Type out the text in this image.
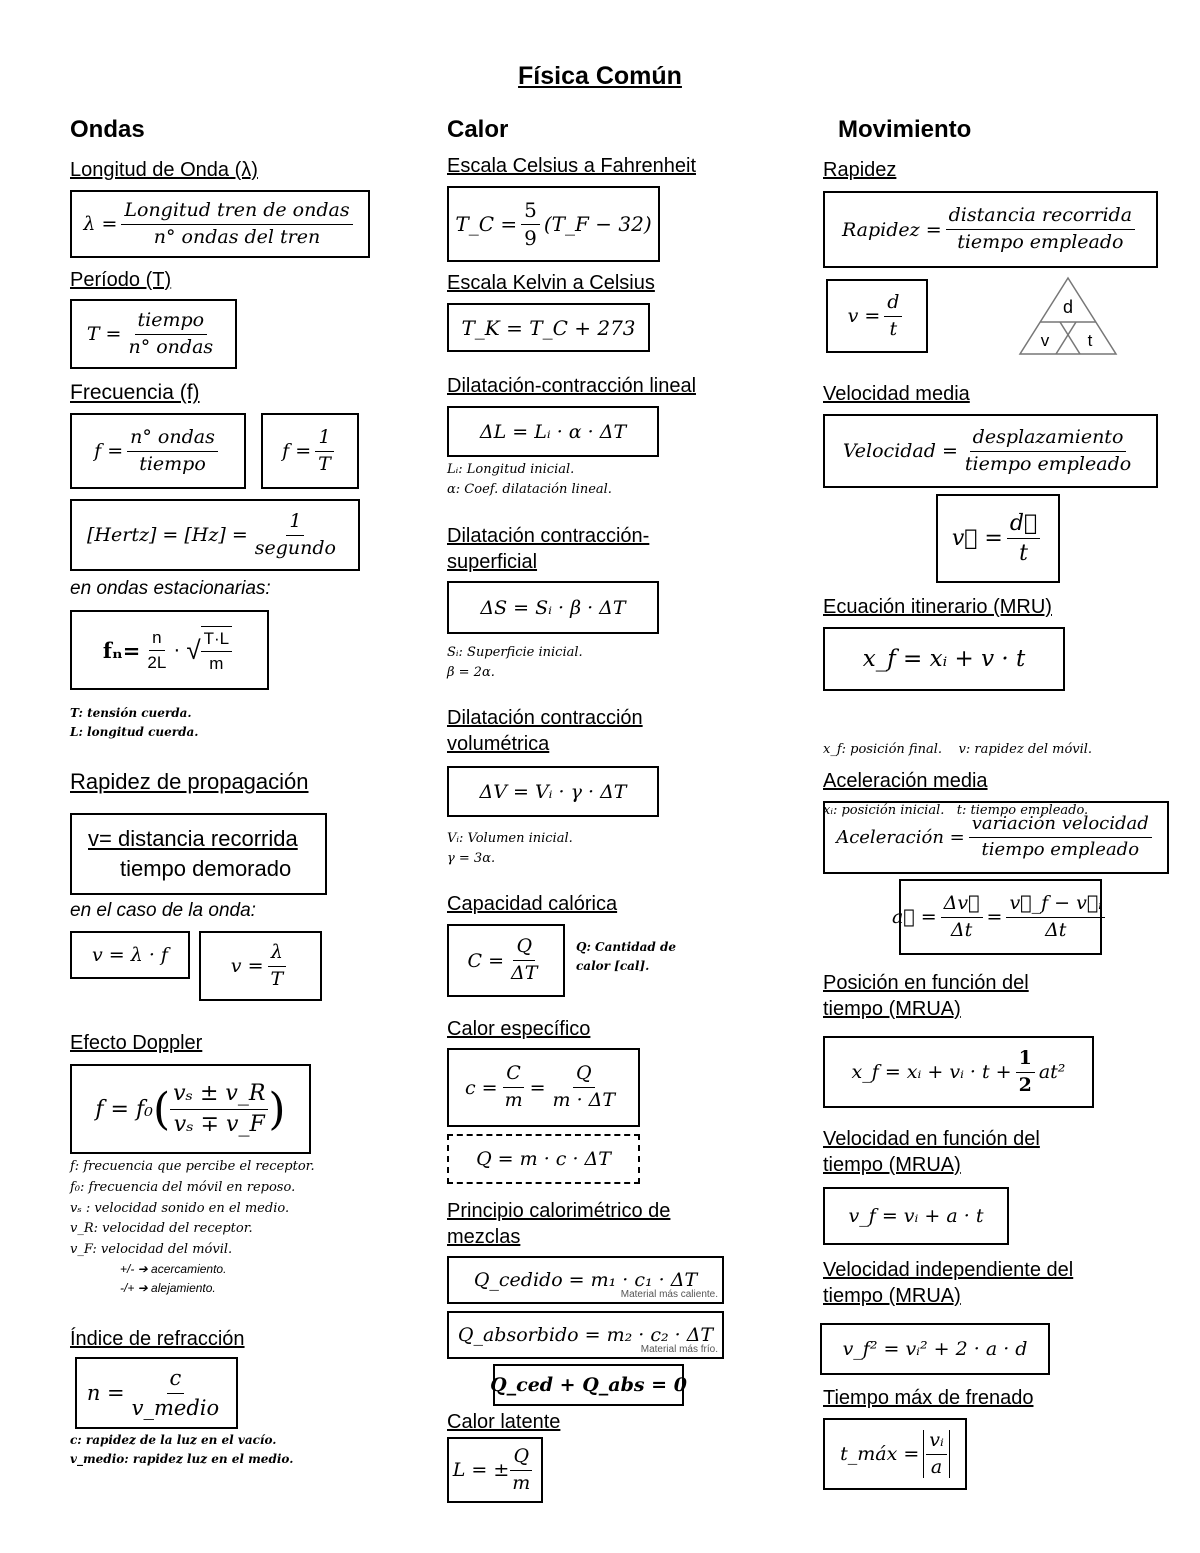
Física Común
Ondas
Longitud de Onda (λ)
$\lambda = \frac{\text{Longitud tren de ondas}}{\text{n° ondas del tren}}$
Período (T)
$T = \frac{\text{tiempo}}{\text{n° ondas}}$
Frecuencia (f)
$f = \frac{\text{n° ondas}}{\text{tiempo}}$	$f = \frac{1}{T}$
[Hertz] = $[Hz] = \frac{1}{\text{segundo}}$
en ondas estacionarias:
$f_n= \frac{n}{2L}$ · √ $\frac{T\cdot L}{m}$
T: tensión cuerda.
L: longitud cuerda.
Rapidez de propagación
v= distancia recorrida
tiempo demorado
en el caso de la onda:
v = λ · f	$v = \frac{\lambda}{T}$
Efecto Doppler
f = f₀ ( $\frac{\text{vₛ ± v\_R}}{\text{vₛ ∓ v\_F}}$ )
f: frecuencia que percibe el receptor.
f₀: frecuencia del móvil en reposo.
vₛ : velocidad sonido en el medio.
v_R: velocidad del receptor.
v_F: velocidad del móvil.
+/- ➔ acercamiento.
-/+ ➔ alejamiento.
Índice de refracción
$n = \frac{c}{\text{v\_medio}}$
c: rapidez de la luz en el vacío.
v_medio: rapidez luz en el medio.
Calor
Escala Celsius a Fahrenheit
T_C = $\frac{5}{9}$ (T_F − 32)
Escala Kelvin a Celsius
T_K = T_C + 273
Dilatación-contracción lineal
ΔL = Lᵢ · α · ΔT
Lᵢ: Longitud inicial.
α: Coef. dilatación lineal.
Dilatación contracción-
superficial
ΔS = Sᵢ · β · ΔT
Sᵢ: Superficie inicial.
β = 2α.
Dilatación contracción
volumétrica
ΔV = Vᵢ · γ · ΔT
Vᵢ: Volumen inicial.
γ = 3α.
Capacidad calórica
$C = \frac{Q}{\Delta T}$	Q: Cantidad de
calor [cal].
Calor específico
$c = \frac{C}{m} = \frac{Q}{m \cdot \Delta T}$
Q = m · c · ΔT
Principio calorimétrico de
mezclas
Q_cedido = m₁ · c₁ · ΔT
Material más caliente.
Q_absorbido = m₂ · c₂ · ΔT
Material más frío.
Q_ced + Q_abs = 0
Calor latente
L = ± $\frac{Q}{m}$
Movimiento
Rapidez
Rapidez = $\frac{\text{distancia recorrida}}{\text{tiempo empleado}}$
$v = \frac{d}{t}$	d
v t
Velocidad media
Velocidad = $\frac{\text{desplazamiento}}{\text{tiempo empleado}}$
v⃗ = $\frac{d⃗}{t}$
Ecuación itinerario (MRU)
x_f = xᵢ + v · t

x_f: posición final.    v: rapidez del móvil.

xᵢ: posición inicial.   t: tiempo empleado.

Aceleración media
Aceleración = $\frac{\text{variación velocidad}}{\text{tiempo empleado}}$
a⃗ = $\frac{\Delta v⃗}{\Delta t} = \frac{\text{v⃗\_f − v⃗ᵢ}}{\Delta t}$
Posición en función del
tiempo (MRUA)
x_f = xᵢ + vᵢ · $t + \frac{1}{2} at^2$
Velocidad en función del
tiempo (MRUA)
v_f = vᵢ + a · t
Velocidad independiente del
tiempo (MRUA)
v_f² = vᵢ² + 2 · a · d
Tiempo máx de frenado
t_máx = $\frac{\text{vᵢ}}{a}$
